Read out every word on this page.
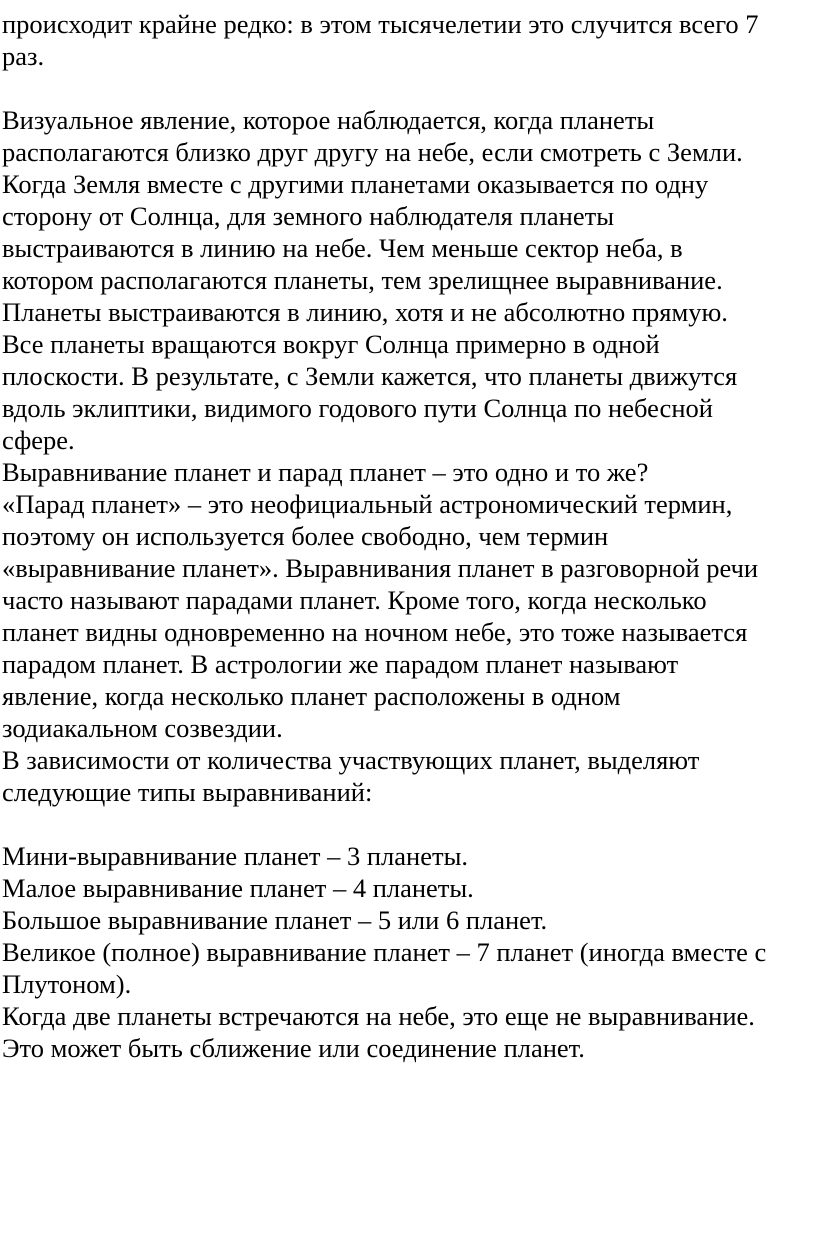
происходит крайне редко: в этом тысячелетии это случится всего 7
раз.
Визуальное явление, которое наблюдается, когда планеты
располагаются близко друг другу на небе, если смотреть с Земли.
Когда Земля вместе с другими планетами оказывается по одну
сторону от Солнца, для земного наблюдателя планеты
выстраиваются в линию на небе. Чем меньше сектор неба, в
котором располагаются планеты, тем зрелищнее выравнивание.
Планеты выстраиваются в линию, хотя и не абсолютно прямую.
Все планеты вращаются вокруг Солнца примерно в одной
плоскости. В результате, с Земли кажется, что планеты движутся
вдоль эклиптики, видимого годового пути Солнца по небесной
сфере.
Выравнивание планет и парад планет – это одно и то же?
«Парад планет» – это неофициальный астрономический термин,
поэтому он используется более свободно, чем термин
«выравнивание планет». Выравнивания планет в разговорной речи
часто называют парадами планет. Кроме того, когда несколько
планет видны одновременно на ночном небе, это тоже называется
парадом планет. В астрологии же парадом планет называют
явление, когда несколько планет расположены в одном
зодиакальном созвездии.
В зависимости от количества участвующих планет, выделяют
следующие типы выравниваний:
Мини-выравнивание планет – 3 планеты.
Малое выравнивание планет – 4 планеты.
Большое выравнивание планет – 5 или 6 планет.
Великое (полное) выравнивание планет – 7 планет (иногда вместе с
Плутоном).
Когда две планеты встречаются на небе, это еще не выравнивание.
Это может быть сближение или соединение планет.
